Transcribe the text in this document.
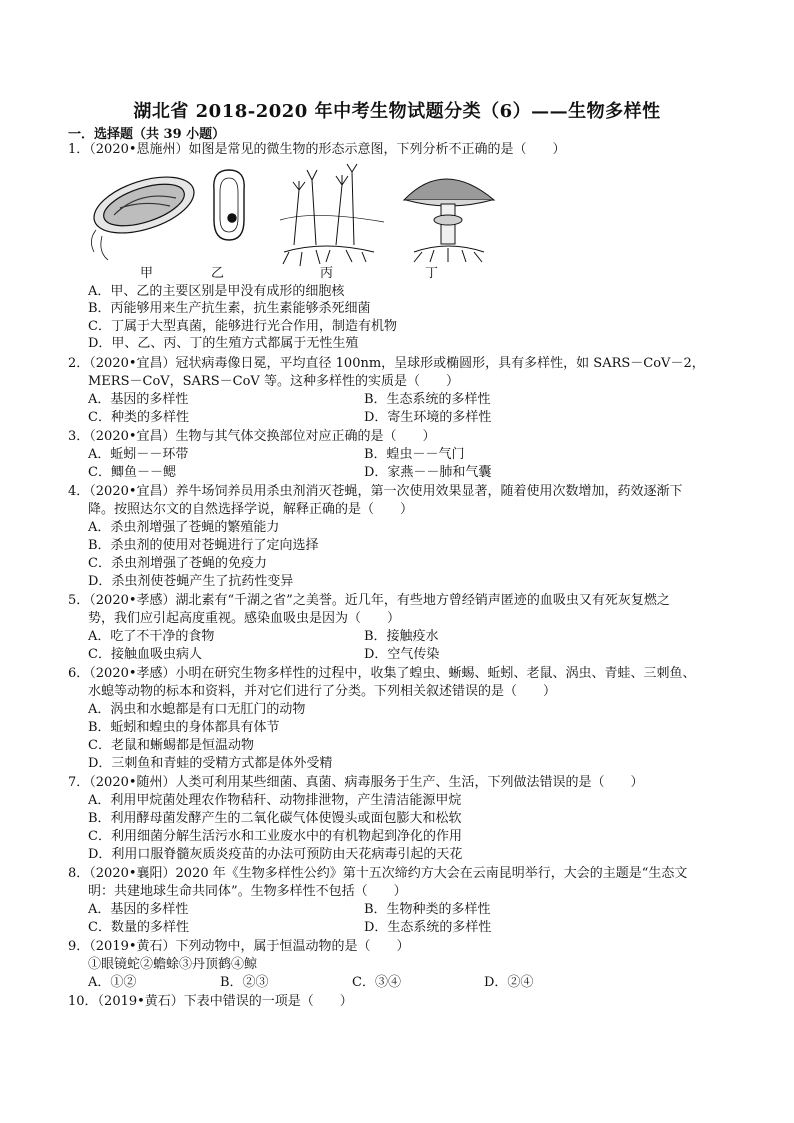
湖北省 2018-2020 年中考生物试题分类（6）——生物多样性
一．选择题（共 39 小题）
1．（2020•恩施州）如图是常见的微生物的形态示意图，下列分析不正确的是（　　）
甲	乙	丙	丁
A．甲、乙的主要区别是甲没有成形的细胞核
B．丙能够用来生产抗生素，抗生素能够杀死细菌
C．丁属于大型真菌，能够进行光合作用，制造有机物
D．甲、乙、丙、丁的生殖方式都属于无性生殖
2．（2020•宜昌）冠状病毒像日冕，平均直径 100nm，呈球形或椭圆形，具有多样性，如 SARS－CoV－2，
MERS－CoV，SARS－CoV 等。这种多样性的实质是（　　）
A．基因的多样性	B．生态系统的多样性
C．种类的多样性	D．寄生环境的多样性
3．（2020•宜昌）生物与其气体交换部位对应正确的是（　　）
A．蚯蚓－－环带	B．蝗虫－－气门
C．鲫鱼－－鳃	D．家燕－－肺和气囊
4．（2020•宜昌）养牛场饲养员用杀虫剂消灭苍蝇，第一次使用效果显著，随着使用次数增加，药效逐渐下
降。按照达尔文的自然选择学说，解释正确的是（　　）
A．杀虫剂增强了苍蝇的繁殖能力
B．杀虫剂的使用对苍蝇进行了定向选择
C．杀虫剂增强了苍蝇的免疫力
D．杀虫剂使苍蝇产生了抗药性变异
5．（2020•孝感）湖北素有“千湖之省”之美誉。近几年，有些地方曾经销声匿迹的血吸虫又有死灰复燃之
势，我们应引起高度重视。感染血吸虫是因为（　　）
A．吃了不干净的食物	B．接触疫水
C．接触血吸虫病人	D．空气传染
6．（2020•孝感）小明在研究生物多样性的过程中，收集了蝗虫、蜥蜴、蚯蚓、老鼠、涡虫、青蛙、三刺鱼、
水螅等动物的标本和资料，并对它们进行了分类。下列相关叙述错误的是（　　）
A．涡虫和水螅都是有口无肛门的动物
B．蚯蚓和蝗虫的身体都具有体节
C．老鼠和蜥蜴都是恒温动物
D．三刺鱼和青蛙的受精方式都是体外受精
7．（2020•随州）人类可利用某些细菌、真菌、病毒服务于生产、生活，下列做法错误的是（　　）
A．利用甲烷菌处理农作物秸秆、动物排泄物，产生清洁能源甲烷
B．利用酵母菌发酵产生的二氧化碳气体使馒头或面包膨大和松软
C．利用细菌分解生活污水和工业废水中的有机物起到净化的作用
D．利用口服脊髓灰质炎疫苗的办法可预防由天花病毒引起的天花
8．（2020•襄阳）2020 年《生物多样性公约》第十五次缔约方大会在云南昆明举行，大会的主题是“生态文
明：共建地球生命共同体”。生物多样性不包括（　　）
A．基因的多样性	B．生物种类的多样性
C．数量的多样性	D．生态系统的多样性
9．（2019•黄石）下列动物中，属于恒温动物的是（　　）
①眼镜蛇②蟾蜍③丹顶鹤④鲸
A．①②	B．②③	C．③④	D．②④
10．（2019•黄石）下表中错误的一项是（　　）
